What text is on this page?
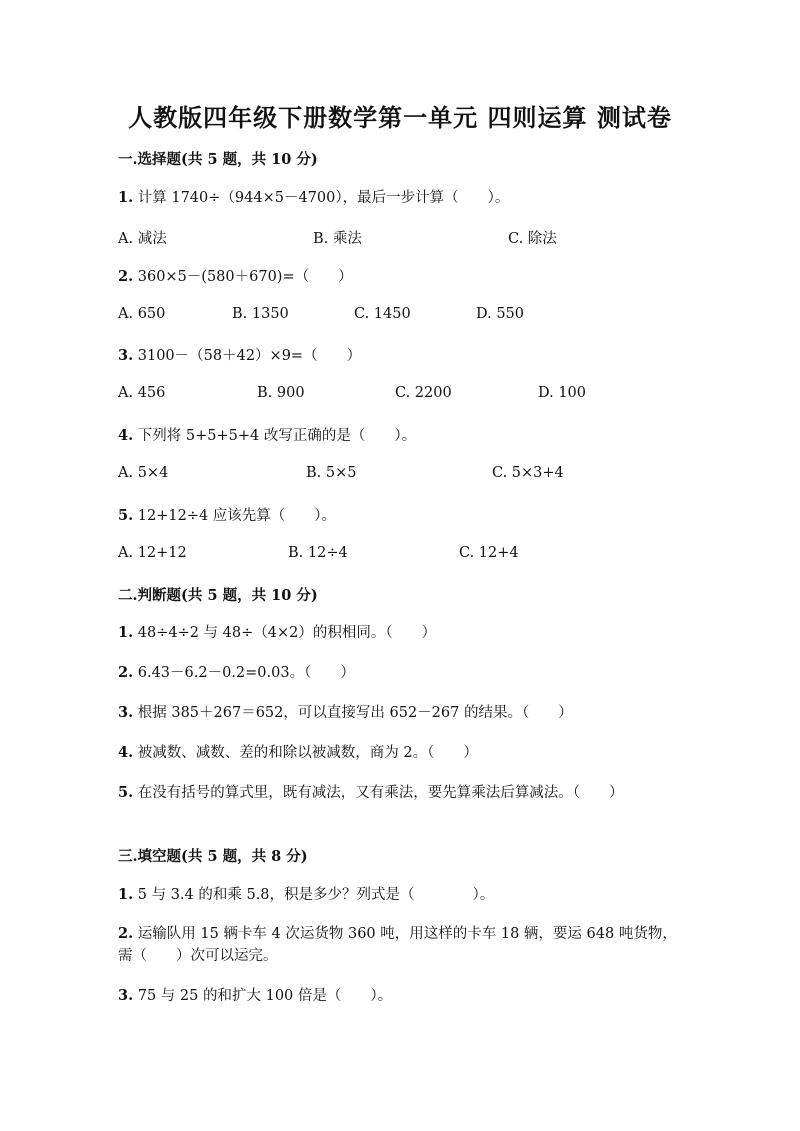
人教版四年级下册数学第一单元 四则运算 测试卷
一.选择题(共 5 题，共 10 分)
1. 计算 1740÷（944×5－4700），最后一步计算（　　）。
A. 减法	B. 乘法	C. 除法
2. 360×5－(580＋670)=（　　）
A. 650	B. 1350	C. 1450	D. 550
3. 3100－（58＋42）×9=（　　）
A. 456	B. 900	C. 2200	D. 100
4. 下列将 5+5+5+4 改写正确的是（　　）。
A. 5×4	B. 5×5	C. 5×3+4
5. 12+12÷4 应该先算（　　）。
A. 12+12	B. 12÷4	C. 12+4
二.判断题(共 5 题，共 10 分)
1. 48÷4÷2 与 48÷（4×2）的积相同。（　　）
2. 6.43－6.2－0.2=0.03。（　　）
3. 根据 385＋267＝652，可以直接写出 652－267 的结果。（　　）
4. 被减数、减数、差的和除以被减数，商为 2。（　　）
5. 在没有括号的算式里，既有减法，又有乘法，要先算乘法后算减法。（　　）
三.填空题(共 5 题，共 8 分)
1. 5 与 3.4 的和乘 5.8，积是多少？列式是（　　　　）。
2. 运输队用 15 辆卡车 4 次运货物 360 吨，用这样的卡车 18 辆，要运 648 吨货物，需（　　）次可以运完。
3. 75 与 25 的和扩大 100 倍是（　　）。
